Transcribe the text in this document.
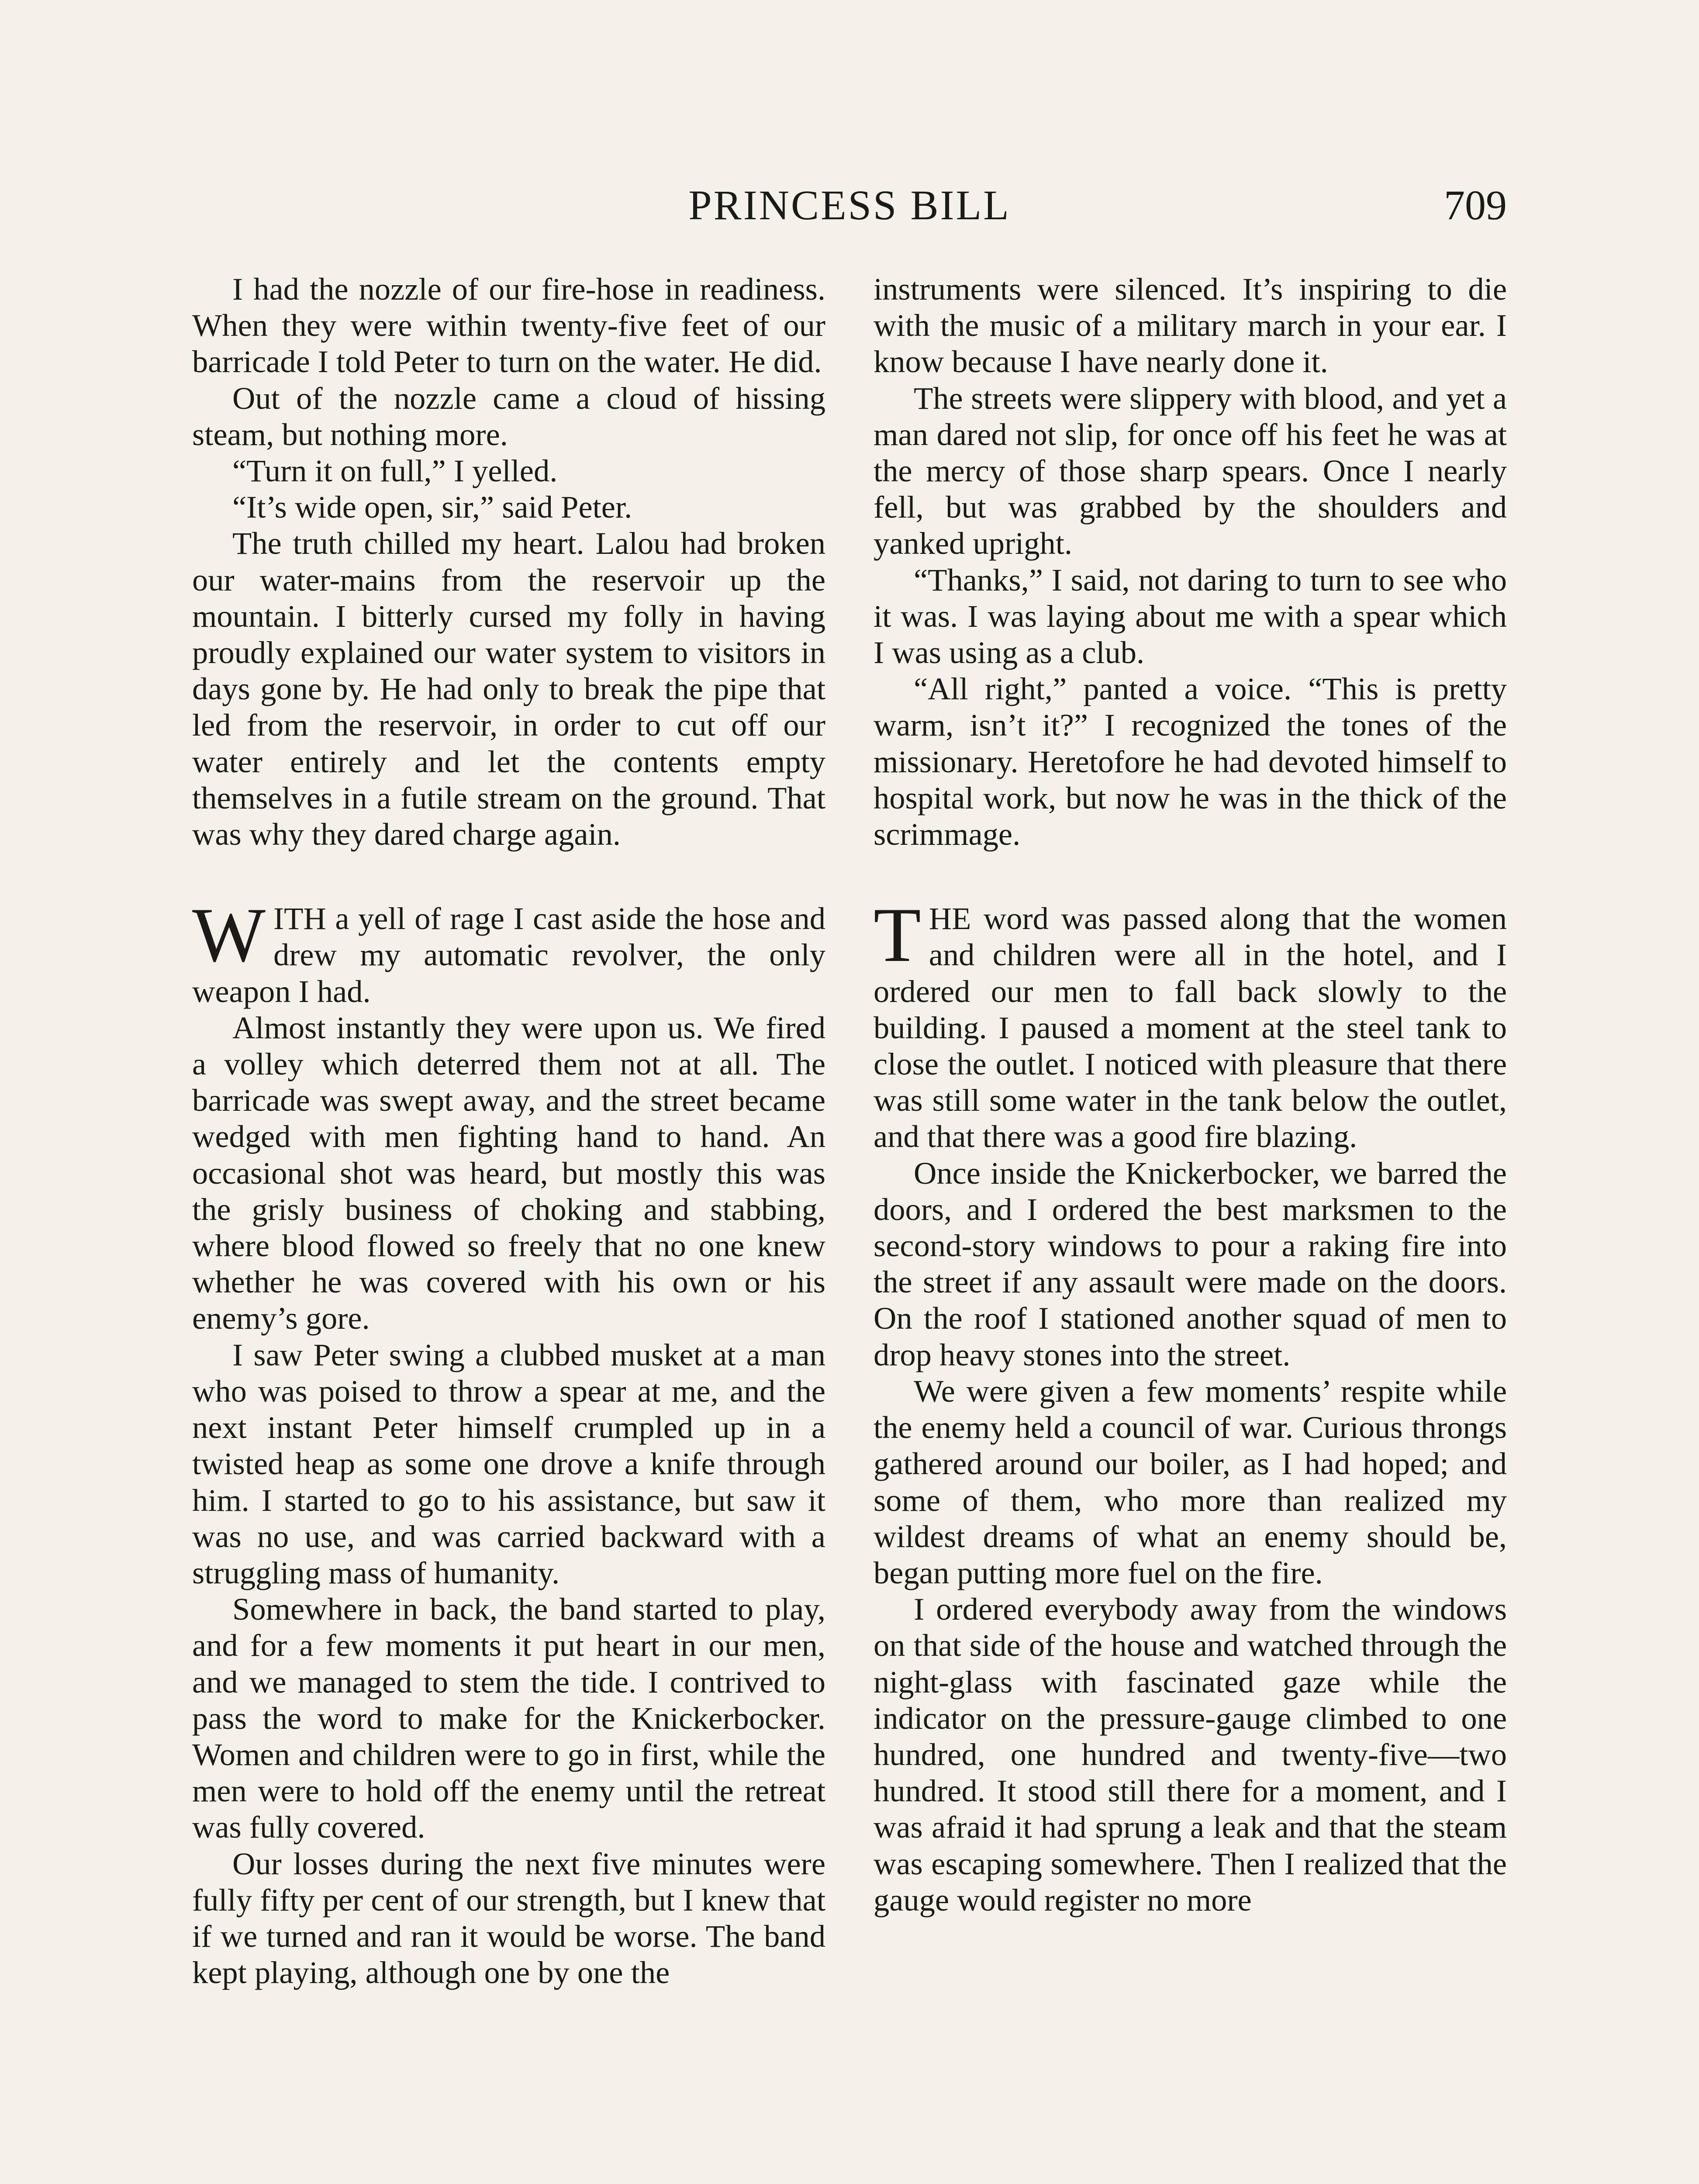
PRINCESS BILL	709

I had the nozzle of our fire-hose in readiness. When they were within twenty-five feet of our barricade I told Peter to turn on the water. He did.

Out of the nozzle came a cloud of hissing steam, but nothing more.

“Turn it on full,” I yelled.

“It’s wide open, sir,” said Peter.

The truth chilled my heart. Lalou had broken our water-mains from the reservoir up the mountain. I bitterly cursed my folly in having proudly explained our water system to visitors in days gone by. He had only to break the pipe that led from the reservoir, in order to cut off our water entirely and let the contents empty themselves in a futile stream on the ground. That was why they dared charge again.

WITH a yell of rage I cast aside the hose and drew my automatic revolver, the only weapon I had.

Almost instantly they were upon us. We fired a volley which deterred them not at all. The barricade was swept away, and the street became wedged with men fighting hand to hand. An occasional shot was heard, but mostly this was the grisly business of choking and stabbing, where blood flowed so freely that no one knew whether he was covered with his own or his enemy’s gore.

I saw Peter swing a clubbed musket at a man who was poised to throw a spear at me, and the next instant Peter himself crumpled up in a twisted heap as some one drove a knife through him. I started to go to his assistance, but saw it was no use, and was carried backward with a struggling mass of humanity.

Somewhere in back, the band started to play, and for a few moments it put heart in our men, and we managed to stem the tide. I contrived to pass the word to make for the Knickerbocker. Women and children were to go in first, while the men were to hold off the enemy until the retreat was fully covered.

Our losses during the next five minutes were fully fifty per cent of our strength, but I knew that if we turned and ran it would be worse. The band kept playing, although one by one the

instruments were silenced. It’s inspiring to die with the music of a military march in your ear. I know because I have nearly done it.

The streets were slippery with blood, and yet a man dared not slip, for once off his feet he was at the mercy of those sharp spears. Once I nearly fell, but was grabbed by the shoulders and yanked upright.

“Thanks,” I said, not daring to turn to see who it was. I was laying about me with a spear which I was using as a club.

“All right,” panted a voice. “This is pretty warm, isn’t it?” I recognized the tones of the missionary. Heretofore he had devoted himself to hospital work, but now he was in the thick of the scrimmage.

THE word was passed along that the women and children were all in the hotel, and I ordered our men to fall back slowly to the building. I paused a moment at the steel tank to close the outlet. I noticed with pleasure that there was still some water in the tank below the outlet, and that there was a good fire blazing.

Once inside the Knickerbocker, we barred the doors, and I ordered the best marksmen to the second-story windows to pour a raking fire into the street if any assault were made on the doors. On the roof I stationed another squad of men to drop heavy stones into the street.

We were given a few moments’ respite while the enemy held a council of war. Curious throngs gathered around our boiler, as I had hoped; and some of them, who more than realized my wildest dreams of what an enemy should be, began putting more fuel on the fire.

I ordered everybody away from the windows on that side of the house and watched through the night-glass with fascinated gaze while the indicator on the pressure-gauge climbed to one hundred, one hundred and twenty-five—two hundred. It stood still there for a moment, and I was afraid it had sprung a leak and that the steam was escaping somewhere. Then I realized that the gauge would register no more
